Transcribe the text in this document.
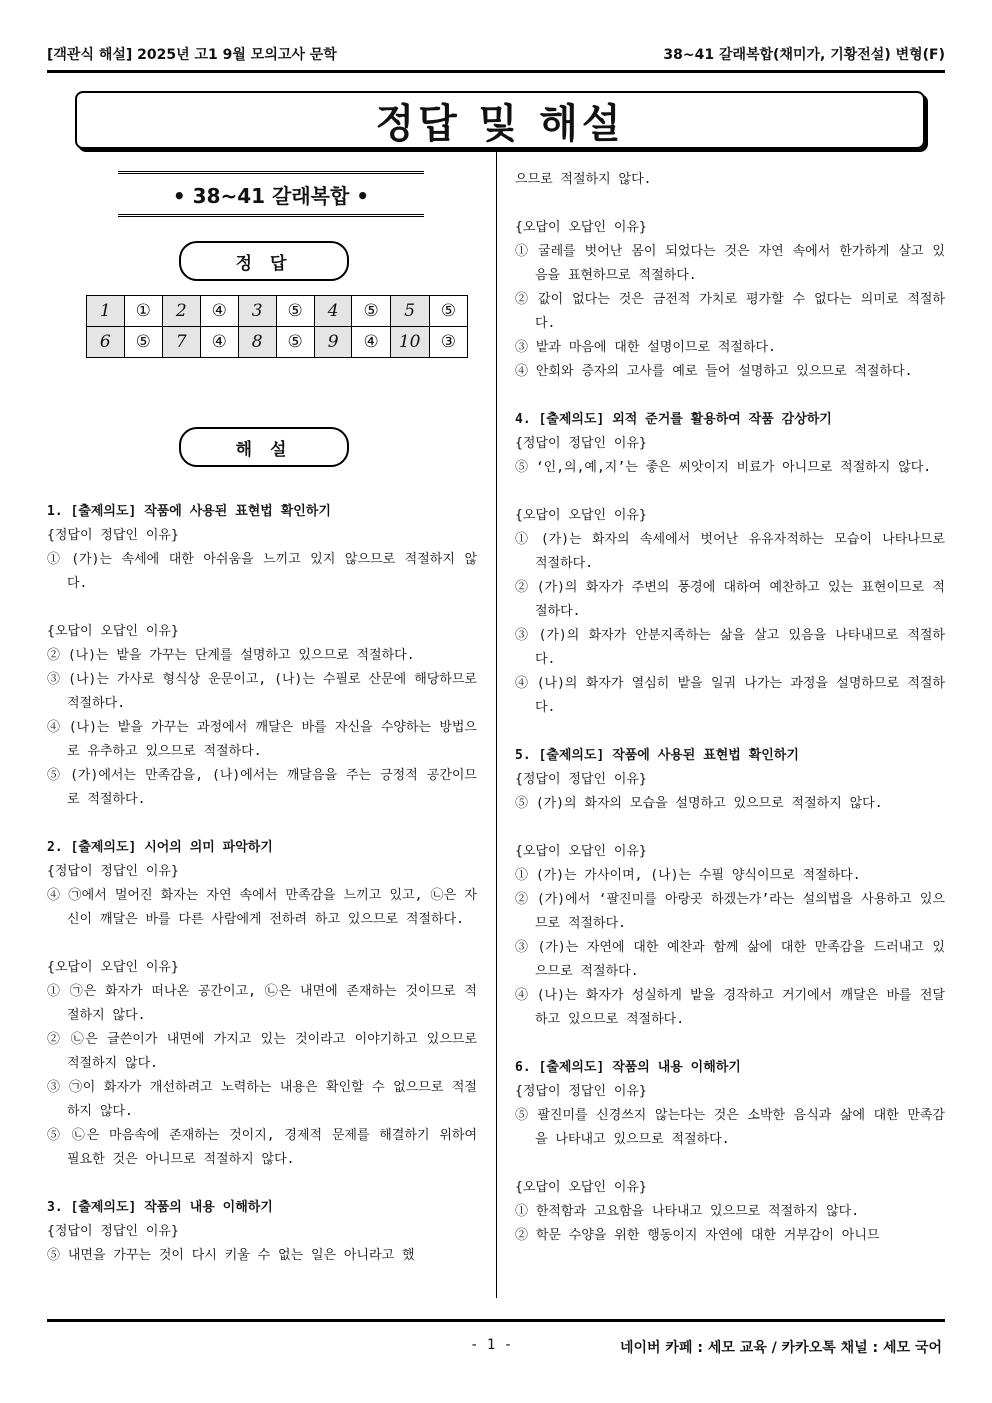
[객관식 해설] 2025년 고1 9월 모의고사 문학	38~41 갈래복합(채미가, 기황전설) 변형(F)
정답 및 해설
• 38~41 갈래복합 •
정 답
1	①	2	④	3	⑤	4	⑤	5	⑤
6	⑤	7	④	8	⑤	9	④	10	③
해 설
1. [출제의도] 작품에 사용된 표현법 확인하기
{정답이 정답인 이유}
① (가)는 속세에 대한 아쉬움을 느끼고 있지 않으므로 적절하지 않다.
{오답이 오답인 이유}
② (나)는 밭을 가꾸는 단계를 설명하고 있으므로 적절하다.
③ (나)는 가사로 형식상 운문이고, (나)는 수필로 산문에 해당하므로 적절하다.
④ (나)는 밭을 가꾸는 과정에서 깨달은 바를 자신을 수양하는 방법으로 유추하고 있으므로 적절하다.
⑤ (가)에서는 만족감을, (나)에서는 깨달음을 주는 긍정적 공간이므로 적절하다.
2. [출제의도] 시어의 의미 파악하기
{정답이 정답인 이유}
④ ㉠에서 멀어진 화자는 자연 속에서 만족감을 느끼고 있고, ㉡은 자신이 깨달은 바를 다른 사람에게 전하려 하고 있으므로 적절하다.
{오답이 오답인 이유}
① ㉠은 화자가 떠나온 공간이고, ㉡은 내면에 존재하는 것이므로 적절하지 않다.
② ㉡은 글쓴이가 내면에 가지고 있는 것이라고 이야기하고 있으므로 적절하지 않다.
③ ㉠이 화자가 개선하려고 노력하는 내용은 확인할 수 없으므로 적절하지 않다.
⑤ ㉡은 마음속에 존재하는 것이지, 경제적 문제를 해결하기 위하여 필요한 것은 아니므로 적절하지 않다.
3. [출제의도] 작품의 내용 이해하기
{정답이 정답인 이유}
⑤ 내면을 가꾸는 것이 다시 키울 수 없는 일은 아니라고 했
으므로 적절하지 않다.
{오답이 오답인 이유}
① 굴레를 벗어난 몸이 되었다는 것은 자연 속에서 한가하게 살고 있음을 표현하므로 적절하다.
② 값이 없다는 것은 금전적 가치로 평가할 수 없다는 의미로 적절하다.
③ 밭과 마음에 대한 설명이므로 적절하다.
④ 안회와 증자의 고사를 예로 들어 설명하고 있으므로 적절하다.
4. [출제의도] 외적 준거를 활용하여 작품 감상하기
{정답이 정답인 이유}
⑤ ‘인,의,예,지’는 좋은 씨앗이지 비료가 아니므로 적절하지 않다.
{오답이 오답인 이유}
① (가)는 화자의 속세에서 벗어난 유유자적하는 모습이 나타나므로 적절하다.
② (가)의 화자가 주변의 풍경에 대하여 예찬하고 있는 표현이므로 적절하다.
③ (가)의 화자가 안분지족하는 삶을 살고 있음을 나타내므로 적절하다.
④ (나)의 화자가 열심히 밭을 일궈 나가는 과정을 설명하므로 적절하다.
5. [출제의도] 작품에 사용된 표현법 확인하기
{정답이 정답인 이유}
⑤ (가)의 화자의 모습을 설명하고 있으므로 적절하지 않다.
{오답이 오답인 이유}
① (가)는 가사이며, (나)는 수필 양식이므로 적절하다.
② (가)에서 ‘팔진미를 아랑곳 하겠는가’라는 설의법을 사용하고 있으므로 적절하다.
③ (가)는 자연에 대한 예찬과 함께 삶에 대한 만족감을 드러내고 있으므로 적절하다.
④ (나)는 화자가 성실하게 밭을 경작하고 거기에서 깨달은 바를 전달하고 있으므로 적절하다.
6. [출제의도] 작품의 내용 이해하기
{정답이 정답인 이유}
⑤ 팔진미를 신경쓰지 않는다는 것은 소박한 음식과 삶에 대한 만족감을 나타내고 있으므로 적절하다.
{오답이 오답인 이유}
① 한적함과 고요함을 나타내고 있으므로 적절하지 않다.
② 학문 수양을 위한 행동이지 자연에 대한 거부감이 아니므
- 1 -	네이버 카페 : 세모 교육 / 카카오톡 채널 : 세모 국어
